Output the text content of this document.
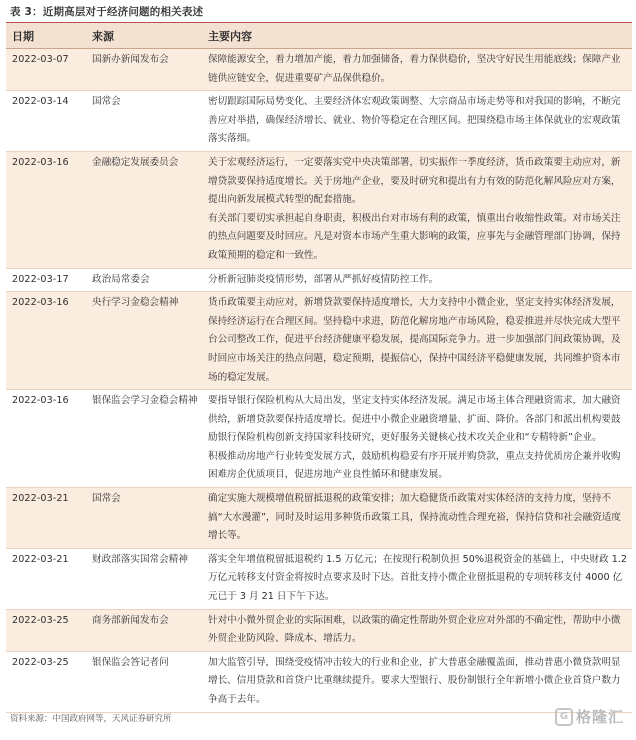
表 3：近期高层对于经济问题的相关表述
日期	来源	主要内容
2022-03-07	国新办新闻发布会	保障能源安全，着力增加产能，着力加强储备，着力保供稳价，坚决守好民生用能底线；保障产业链供应链安全，促进重要矿产品保供稳价。

2022-03-14	国常会	密切跟踪国际局势变化、主要经济体宏观政策调整、大宗商品市场走势等和对我国的影响，不断完善应对举措，确保经济增长、就业、物价等稳定在合理区间。把围绕稳市场主体保就业的宏观政策落实落细。

2022-03-16	金融稳定发展委员会	关于宏观经济运行，一定要落实党中央决策部署，切实振作一季度经济，货币政策要主动应对，新增贷款要保持适度增长。关于房地产企业，要及时研究和提出有力有效的防范化解风险应对方案，提出向新发展模式转型的配套措施。
有关部门要切实承担起自身职责，积极出台对市场有利的政策，慎重出台收缩性政策。对市场关注的热点问题要及时回应。凡是对资本市场产生重大影响的政策，应事先与金融管理部门协调，保持政策预期的稳定和一致性。

2022-03-17	政治局常委会	分析新冠肺炎疫情形势，部署从严抓好疫情防控工作。

2022-03-16	央行学习金稳会精神	货币政策要主动应对，新增贷款要保持适度增长，大力支持中小微企业，坚定支持实体经济发展，保持经济运行在合理区间。坚持稳中求进，防范化解房地产市场风险，稳妥推进并尽快完成大型平台公司整改工作，促进平台经济健康平稳发展，提高国际竞争力。进一步加强部门间政策协调，及时回应市场关注的热点问题，稳定预期，提振信心，保持中国经济平稳健康发展，共同维护资本市场的稳定发展。

2022-03-16	银保监会学习金稳会精神	要指导银行保险机构从大局出发，坚定支持实体经济发展。满足市场主体合理融资需求，加大融资供给，新增贷款要保持适度增长。促进中小微企业融资增量、扩面、降价。各部门和派出机构要鼓励银行保险机构创新支持国家科技研究，更好服务关键核心技术攻关企业和“专精特新”企业。
积极推动房地产行业转变发展方式，鼓励机构稳妥有序开展并购贷款，重点支持优质房企兼并收购困难房企优质项目，促进房地产业良性循环和健康发展。

2022-03-21	国常会	确定实施大规模增值税留抵退税的政策安排；加大稳健货币政策对实体经济的支持力度，坚持不搞“大水漫灌”，同时及时运用多种货币政策工具，保持流动性合理充裕，保持信贷和社会融资适度增长等。

2022-03-21	财政部落实国常会精神	落实全年增值税留抵退税约 1.5 万亿元；在按现行税制负担 50%退税资金的基础上，中央财政 1.2 万亿元转移支付资金将按时点要求及时下达。首批支持小微企业留抵退税的专项转移支付 4000 亿元已于 3 月 21 日下午下达。

2022-03-25	商务部新闻发布会	针对中小微外贸企业的实际困难，以政策的确定性帮助外贸企业应对外部的不确定性，帮助中小微外贸企业防风险、降成本、增活力。

2022-03-25	银保监会答记者问	加大监管引导，围绕受疫情冲击较大的行业和企业，扩大普惠金融覆盖面，推动普惠小微贷款明显增长、信用贷款和首贷户比重继续提升。要求大型银行、股份制银行全年新增小微企业首贷户数力争高于去年。
资料来源：中国政府网等，天风证券研究所	G 格隆汇
